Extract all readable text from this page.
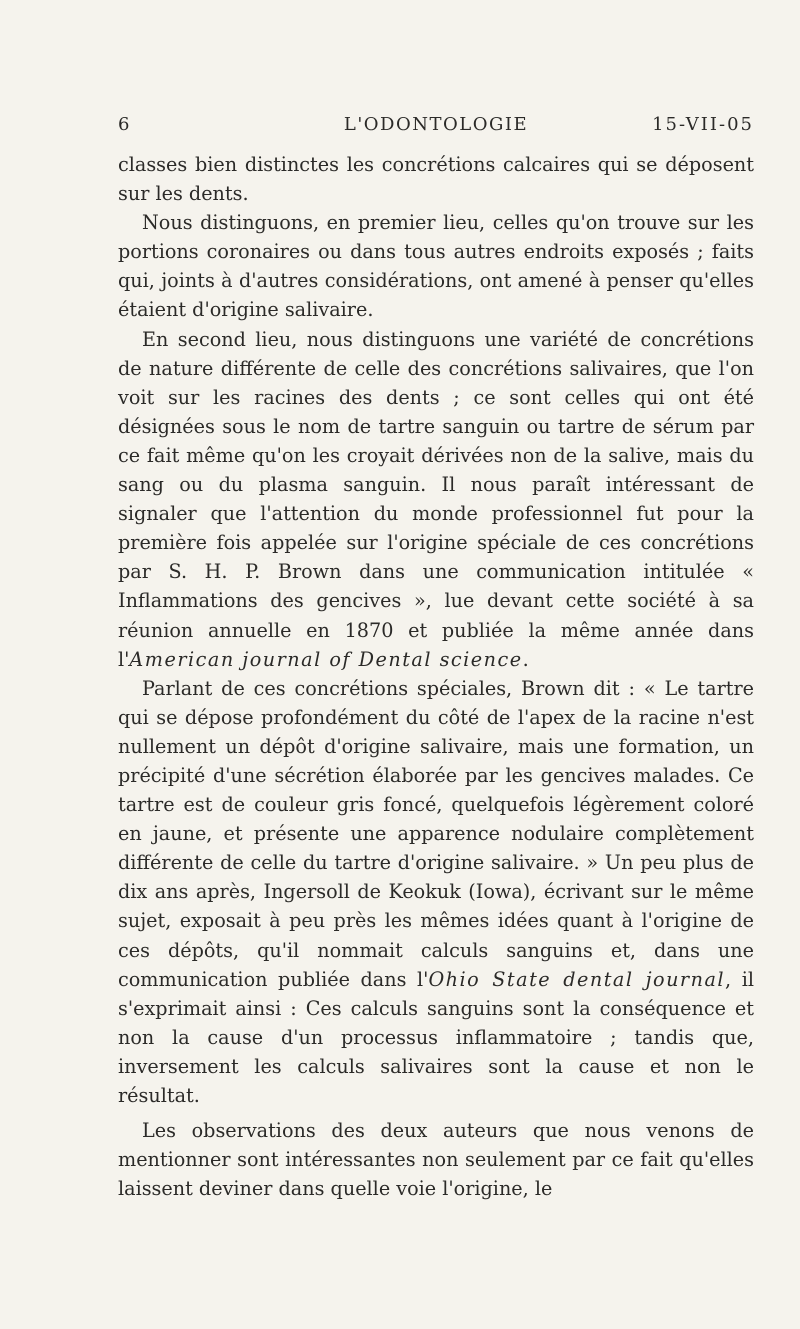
6	L'ODONTOLOGIE	15-VII-05

classes bien distinctes les concrétions calcaires qui se déposent sur les dents.

Nous distinguons, en premier lieu, celles qu'on trouve sur les portions coronaires ou dans tous autres endroits exposés ; faits qui, joints à d'autres considérations, ont amené à penser qu'elles étaient d'origine salivaire.

En second lieu, nous distinguons une variété de concrétions de nature différente de celle des concrétions salivaires, que l'on voit sur les racines des dents ; ce sont celles qui ont été désignées sous le nom de tartre sanguin ou tartre de sérum par ce fait même qu'on les croyait dérivées non de la salive, mais du sang ou du plasma sanguin. Il nous paraît intéressant de signaler que l'attention du monde professionnel fut pour la première fois appelée sur l'origine spéciale de ces concrétions par S. H. P. Brown dans une communication intitulée « Inflammations des gencives », lue devant cette société à sa réunion annuelle en 1870 et publiée la même année dans l'American journal of Dental science.

Parlant de ces concrétions spéciales, Brown dit : « Le tartre qui se dépose profondément du côté de l'apex de la racine n'est nullement un dépôt d'origine salivaire, mais une formation, un précipité d'une sécrétion élaborée par les gencives malades. Ce tartre est de couleur gris foncé, quelquefois légèrement coloré en jaune, et présente une apparence nodulaire complètement différente de celle du tartre d'origine salivaire. » Un peu plus de dix ans après, Ingersoll de Keokuk (Iowa), écrivant sur le même sujet, exposait à peu près les mêmes idées quant à l'origine de ces dépôts, qu'il nommait calculs sanguins et, dans une communication publiée dans l'Ohio State dental journal, il s'exprimait ainsi : Ces calculs sanguins sont la conséquence et non la cause d'un processus inflammatoire ; tandis que, inversement les calculs salivaires sont la cause et non le résultat.

Les observations des deux auteurs que nous venons de mentionner sont intéressantes non seulement par ce fait qu'elles laissent deviner dans quelle voie l'origine, le
